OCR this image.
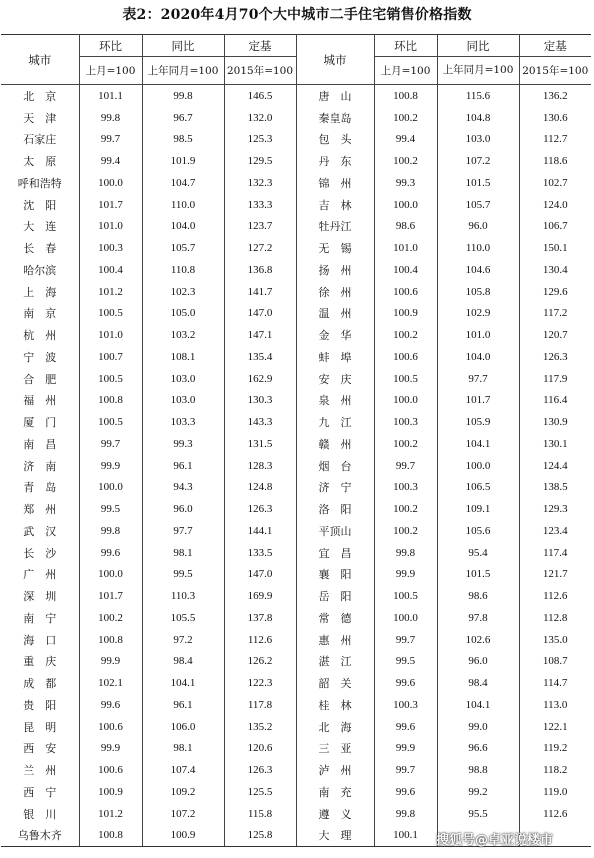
表2：2020年4月70个大中城市二手住宅销售价格指数
城市	环比	同比	定基	城市	环比	同比	定基
	上月=100	上年同月=100	2015年=100		上月=100	上年同月=100	2015年=100
北　京	101.1	99.8	146.5	唐　山	100.8	115.6	136.2
天　津	99.8	96.7	132.0	秦皇岛	100.2	104.8	130.6
石家庄	99.7	98.5	125.3	包　头	99.4	103.0	112.7
太　原	99.4	101.9	129.5	丹　东	100.2	107.2	118.6
呼和浩特	100.0	104.7	132.3	锦　州	99.3	101.5	102.7
沈　阳	101.7	110.0	133.3	吉　林	100.0	105.7	124.0
大　连	101.0	104.0	123.7	牡丹江	98.6	96.0	106.7
长　春	100.3	105.7	127.2	无　锡	101.0	110.0	150.1
哈尔滨	100.4	110.8	136.8	扬　州	100.4	104.6	130.4
上　海	101.2	102.3	141.7	徐　州	100.6	105.8	129.6
南　京	100.5	105.0	147.0	温　州	100.9	102.9	117.2
杭　州	101.0	103.2	147.1	金　华	100.2	101.0	120.7
宁　波	100.7	108.1	135.4	蚌　埠	100.6	104.0	126.3
合　肥	100.5	103.0	162.9	安　庆	100.5	97.7	117.9
福　州	100.8	103.0	130.3	泉　州	100.0	101.7	116.4
厦　门	100.5	103.3	143.3	九　江	100.3	105.9	130.9
南　昌	99.7	99.3	131.5	赣　州	100.2	104.1	130.1
济　南	99.9	96.1	128.3	烟　台	99.7	100.0	124.4
青　岛	100.0	94.3	124.8	济　宁	100.3	106.5	138.5
郑　州	99.5	96.0	126.3	洛　阳	100.2	109.1	129.3
武　汉	99.8	97.7	144.1	平顶山	100.2	105.6	123.4
长　沙	99.6	98.1	133.5	宜　昌	99.8	95.4	117.4
广　州	100.0	99.5	147.0	襄　阳	99.9	101.5	121.7
深　圳	101.7	110.3	169.9	岳　阳	100.5	98.6	112.6
南　宁	100.2	105.5	137.8	常　德	100.0	97.8	112.8
海　口	100.8	97.2	112.6	惠　州	99.7	102.6	135.0
重　庆	99.9	98.4	126.2	湛　江	99.5	96.0	108.7
成　都	102.1	104.1	122.3	韶　关	99.6	98.4	114.7
贵　阳	99.6	96.1	117.8	桂　林	100.3	104.1	113.0
昆　明	100.6	106.0	135.2	北　海	99.6	99.0	122.1
西　安	99.9	98.1	120.6	三　亚	99.9	96.6	119.2
兰　州	100.6	107.4	126.3	泸　州	99.7	98.8	118.2
西　宁	100.9	109.2	125.5	南　充	99.6	99.2	119.0
银　川	101.2	107.2	115.8	遵　义	99.8	95.5	112.6
乌鲁木齐	100.8	100.9	125.8	大　理	100.1		搜狐号@卓亚说楼市
